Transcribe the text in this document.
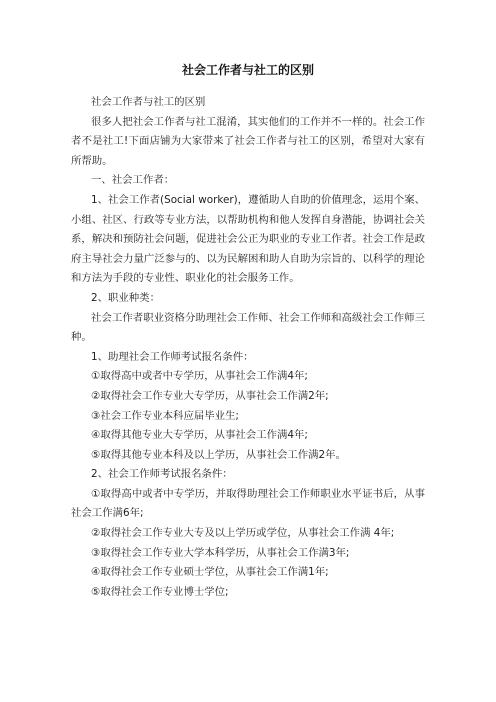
社会工作者与社工的区别

社会工作者与社工的区别

很多人把社会工作者与社工混淆，其实他们的工作并不一样的。社会工作者不是社工!下面店铺为大家带来了社会工作者与社工的区别，希望对大家有所帮助。

一、社会工作者：

1、社会工作者(Social worker)，遵循助人自助的价值理念，运用个案、小组、社区、行政等专业方法，以帮助机构和他人发挥自身潜能，协调社会关系，解决和预防社会问题，促进社会公正为职业的专业工作者。社会工作是政府主导社会力量广泛参与的、以为民解困和助人自助为宗旨的、以科学的理论和方法为手段的专业性、职业化的社会服务工作。

2、职业种类：

社会工作者职业资格分助理社会工作师、社会工作师和高级社会工作师三种。

1、助理社会工作师考试报名条件：

①取得高中或者中专学历，从事社会工作满4年;

②取得社会工作专业大专学历，从事社会工作满2年;

③社会工作专业本科应届毕业生;

④取得其他专业大专学历，从事社会工作满4年;

⑤取得其他专业本科及以上学历，从事社会工作满2年。

2、社会工作师考试报名条件：

①取得高中或者中专学历，并取得助理社会工作师职业水平证书后，从事社会工作满6年;

②取得社会工作专业大专及以上学历或学位，从事社会工作满 4年;

③取得社会工作专业大学本科学历，从事社会工作满3年;

④取得社会工作专业硕士学位，从事社会工作满1年;

⑤取得社会工作专业博士学位;
